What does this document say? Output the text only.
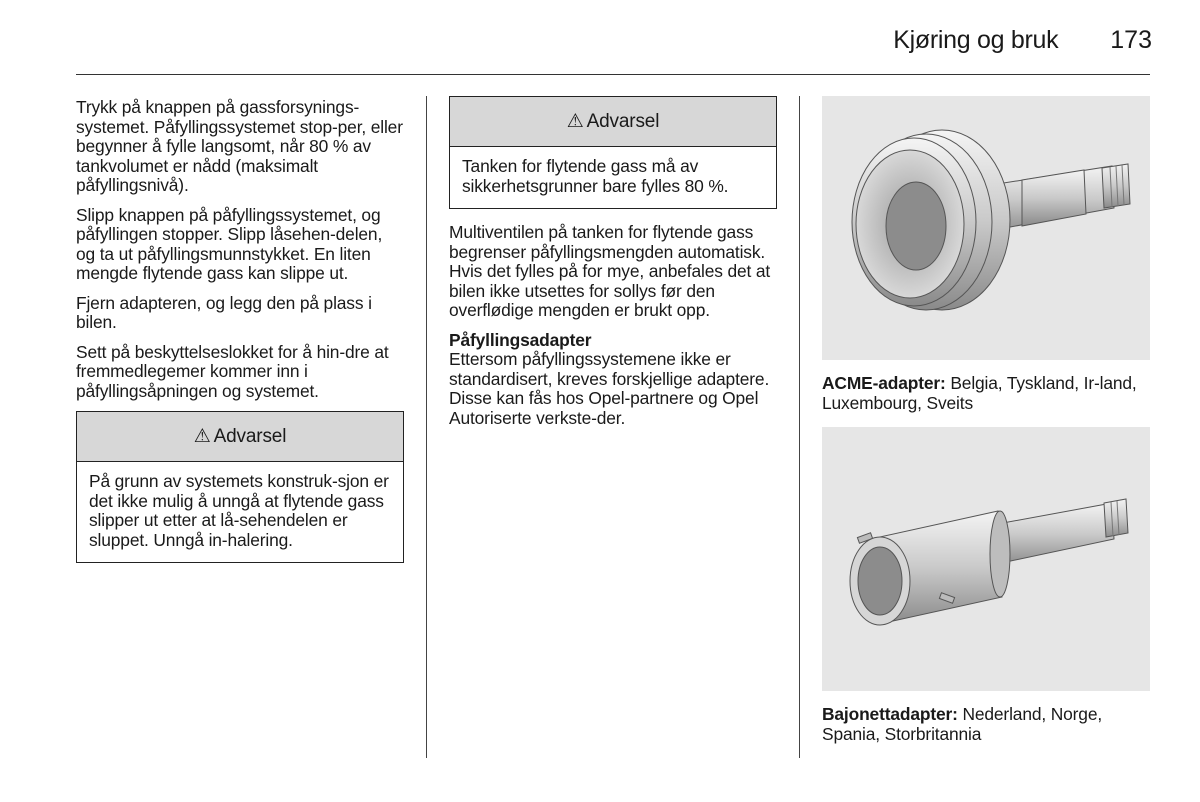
Kjøring og bruk 173

Trykk på knappen på gassforsynings-systemet. Påfyllingssystemet stop-per, eller begynner å fylle langsomt, når 80 % av tankvolumet er nådd (maksimalt påfyllingsnivå).

Slipp knappen på påfyllingssystemet, og påfyllingen stopper. Slipp låsehen-delen, og ta ut påfyllingsmunnstykket. En liten mengde flytende gass kan slippe ut.

Fjern adapteren, og legg den på plass i bilen.

Sett på beskyttelseslokket for å hin-dre at fremmedlegemer kommer inn i påfyllingsåpningen og systemet.

⚠ Advarsel
På grunn av systemets konstruk-sjon er det ikke mulig å unngå at flytende gass slipper ut etter at lå-sehendelen er sluppet. Unngå in-halering.
⚠ Advarsel
Tanken for flytende gass må av sikkerhetsgrunner bare fylles 80 %.

Multiventilen på tanken for flytende gass begrenser påfyllingsmengden automatisk. Hvis det fylles på for mye, anbefales det at bilen ikke utsettes for sollys før den overflødige mengden er brukt opp.

Påfyllingsadapter

Ettersom påfyllingssystemene ikke er standardisert, kreves forskjellige adaptere. Disse kan fås hos Opel-partnere og Opel Autoriserte verkste-der.

ACME-adapter: Belgia, Tyskland, Ir-land, Luxembourg, Sveits
Bajonettadapter: Nederland, Norge, Spania, Storbritannia
